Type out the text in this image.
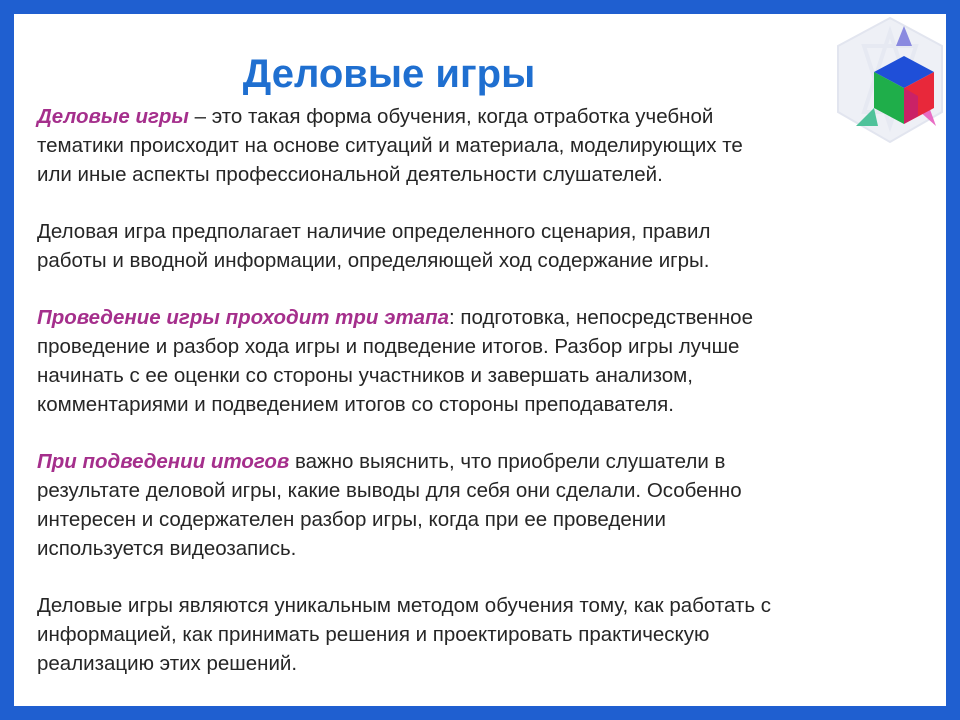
Деловые игры

Деловые игры – это такая форма обучения, когда отработка учебной
тематики происходит на основе ситуаций и материала, моделирующих те
или иные аспекты профессиональной деятельности слушателей.

Деловая игра предполагает наличие определенного сценария, правил
работы и вводной информации, определяющей ход содержание игры.

Проведение игры проходит три этапа: подготовка, непосредственное
проведение и разбор хода игры и подведение итогов. Разбор игры лучше
начинать с ее оценки со стороны участников и завершать анализом,
комментариями и подведением итогов со стороны преподавателя.

При подведении итогов важно выяснить, что приобрели слушатели в
результате деловой игры, какие выводы для себя они сделали. Особенно
интересен и содержателен разбор игры, когда при ее проведении
используется видеозапись.

Деловые игры являются уникальным методом обучения тому, как работать с
информацией, как принимать решения и проектировать практическую
реализацию этих решений.
